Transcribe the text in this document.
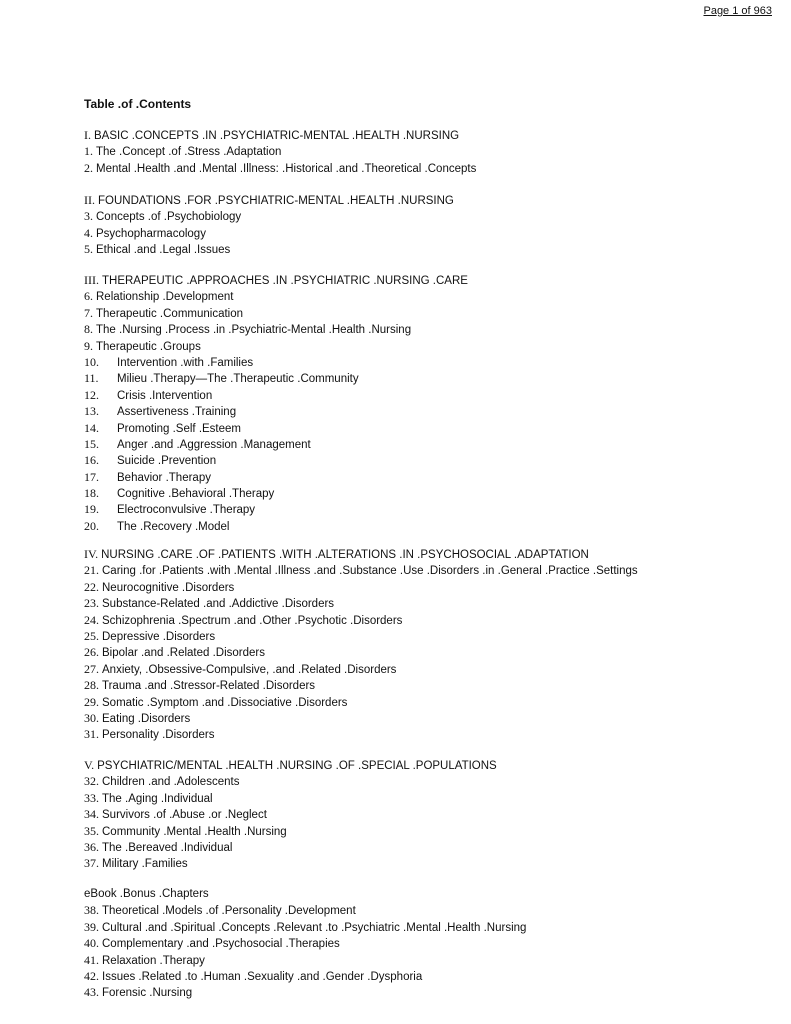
Page 1 of 963
Table .of .Contents
I. BASIC .CONCEPTS .IN .PSYCHIATRIC-MENTAL .HEALTH .NURSING
1. The .Concept .of .Stress .Adaptation
2. Mental .Health .and .Mental .Illness: .Historical .and .Theoretical .Concepts
II. FOUNDATIONS .FOR .PSYCHIATRIC-MENTAL .HEALTH .NURSING
3. Concepts .of .Psychobiology
4. Psychopharmacology
5. Ethical .and .Legal .Issues
III. THERAPEUTIC .APPROACHES .IN .PSYCHIATRIC .NURSING .CARE
6. Relationship .Development
7. Therapeutic .Communication
8. The .Nursing .Process .in .Psychiatric-Mental .Health .Nursing
9. Therapeutic .Groups
10. Intervention .with .Families
11. Milieu .Therapy—The .Therapeutic .Community
12. Crisis .Intervention
13. Assertiveness .Training
14. Promoting .Self .Esteem
15. Anger .and .Aggression .Management
16. Suicide .Prevention
17. Behavior .Therapy
18. Cognitive .Behavioral .Therapy
19. Electroconvulsive .Therapy
20. The .Recovery .Model
IV. NURSING .CARE .OF .PATIENTS .WITH .ALTERATIONS .IN .PSYCHOSOCIAL .ADAPTATION
21. Caring .for .Patients .with .Mental .Illness .and .Substance .Use .Disorders .in .General .Practice .Settings
22. Neurocognitive .Disorders
23. Substance-Related .and .Addictive .Disorders
24. Schizophrenia .Spectrum .and .Other .Psychotic .Disorders
25. Depressive .Disorders
26. Bipolar .and .Related .Disorders
27. Anxiety, .Obsessive-Compulsive, .and .Related .Disorders
28. Trauma .and .Stressor-Related .Disorders
29. Somatic .Symptom .and .Dissociative .Disorders
30. Eating .Disorders
31. Personality .Disorders
V. PSYCHIATRIC/MENTAL .HEALTH .NURSING .OF .SPECIAL .POPULATIONS
32. Children .and .Adolescents
33. The .Aging .Individual
34. Survivors .of .Abuse .or .Neglect
35. Community .Mental .Health .Nursing
36. The .Bereaved .Individual
37. Military .Families
eBook .Bonus .Chapters
38. Theoretical .Models .of .Personality .Development
39. Cultural .and .Spiritual .Concepts .Relevant .to .Psychiatric .Mental .Health .Nursing
40. Complementary .and .Psychosocial .Therapies
41. Relaxation .Therapy
42. Issues .Related .to .Human .Sexuality .and .Gender .Dysphoria
43. Forensic .Nursing
